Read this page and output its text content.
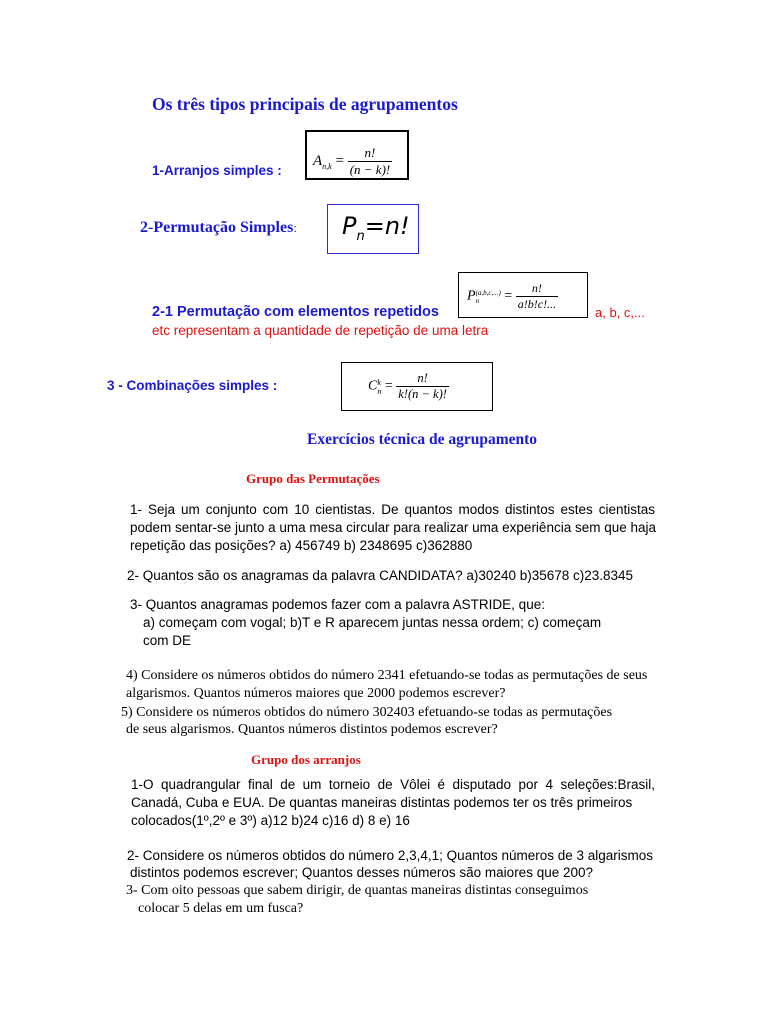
Os três tipos principais de agrupamentos
1-Arranjos simples :
$A_{n,k} = \frac{n!}{(n - k)!}$
2-Permutação Simples: $P_n=n$!
2-1 Permutação com elementos repetidos
P (a,b,c,...)
n	= $\frac{n!}{a!b!c!...}$
a, b, c,...
etc representam a quantidade de repetição de uma letra
3 - Combinações simples :	C k
$n = \frac{n!}{k!(n - k)!}$
Exercícios técnica de agrupamento
Grupo das Permutações
1- Seja um conjunto com 10 cientistas. De quantos modos distintos estes cientistas
podem sentar-se junto a uma mesa circular para realizar uma experiência sem que haja
repetição das posições? a) 456749 b) 2348695 c)362880
2- Quantos são os anagramas da palavra CANDIDATA? a)30240 b)35678 c)23.8345
3- Quantos anagramas podemos fazer com a palavra ASTRIDE, que:
a) começam com vogal; b)T e R aparecem juntas nessa ordem; c) começam
com DE
4) Considere os números obtidos do número 2341 efetuando-se todas as permutações de seus
algarismos. Quantos números maiores que 2000 podemos escrever?
5) Considere os números obtidos do número 302403 efetuando-se todas as permutações
de seus algarismos. Quantos números distintos podemos escrever?
Grupo dos arranjos
1-O quadrangular final de um torneio de Vôlei é disputado por 4 seleções:Brasil,
Canadá, Cuba e EUA. De quantas maneiras distintas podemos ter os três primeiros
colocados(1º,2º e 3º) a)12 b)24 c)16 d) 8 e) 16
2- Considere os números obtidos do número 2,3,4,1; Quantos números de 3 algarismos
distintos podemos escrever; Quantos desses números são maiores que 200?
3- Com oito pessoas que sabem dirigir, de quantas maneiras distintas conseguimos
colocar 5 delas em um fusca?
